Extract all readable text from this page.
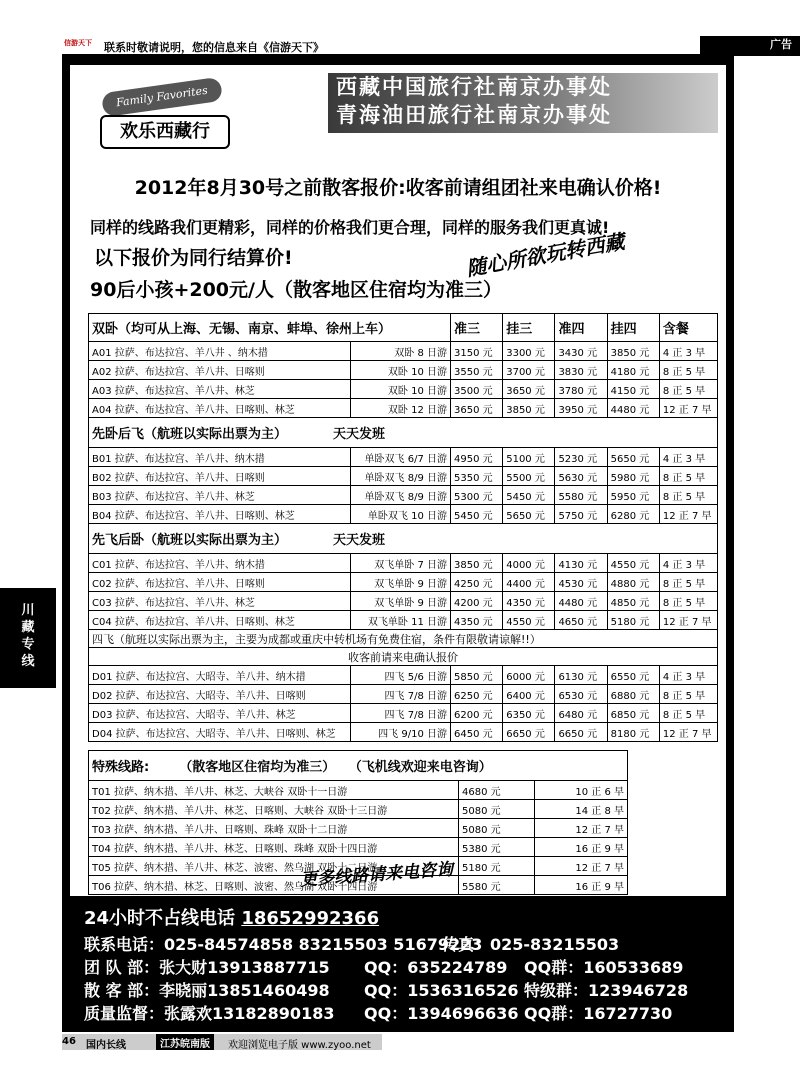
信游天下 联系时敬请说明，您的信息来自《信游天下》	广告
川藏专线
Family Favorites
欢乐西藏行
西藏中国旅行社南京办事处
青海油田旅行社南京办事处
2012年8月30号之前散客报价:收客前请组团社来电确认价格!
同样的线路我们更精彩，同样的价格我们更合理，同样的服务我们更真诚!
以下报价为同行结算价!	随心所欲玩转西藏
90后小孩+200元/人（散客地区住宿均为准三）
双卧（均可从上海、无锡、南京、蚌埠、徐州上车）		准三	挂三	准四	挂四	含餐
A01 拉萨、布达拉宫、羊八井 、纳木措	双卧 8 日游	3150 元	3300 元	3430 元	3850 元	4 正 3 早
A02 拉萨、布达拉宫、羊八井、日喀则	双卧 10 日游	3550 元	3700 元	3830 元	4180 元	8 正 5 早
A03 拉萨、布达拉宫、羊八井、林芝	双卧 10 日游	3500 元	3650 元	3780 元	4150 元	8 正 5 早
A04 拉萨、布达拉宫、羊八井、日喀则、林芝	双卧 12 日游	3650 元	3850 元	3950 元	4480 元	12 正 7 早
先卧后飞（航班以实际出票为主） 天天发班						
B01 拉萨、布达拉宫、羊八井、纳木措	单卧双飞 6/7 日游	4950 元	5100 元	5230 元	5650 元	4 正 3 早
B02 拉萨、布达拉宫、羊八井、日喀则	单卧双飞 8/9 日游	5350 元	5500 元	5630 元	5980 元	8 正 5 早
B03 拉萨、布达拉宫、羊八井、林芝	单卧双飞 8/9 日游	5300 元	5450 元	5580 元	5950 元	8 正 5 早
B04 拉萨、布达拉宫、羊八井、日喀则、林芝	单卧双飞 10 日游	5450 元	5650 元	5750 元	6280 元	12 正 7 早
先飞后卧（航班以实际出票为主） 天天发班						
C01 拉萨、布达拉宫、羊八井、纳木措	双飞单卧 7 日游	3850 元	4000 元	4130 元	4550 元	4 正 3 早
C02 拉萨、布达拉宫、羊八井、日喀则	双飞单卧 9 日游	4250 元	4400 元	4530 元	4880 元	8 正 5 早
C03 拉萨、布达拉宫、羊八井、林芝	双飞单卧 9 日游	4200 元	4350 元	4480 元	4850 元	8 正 5 早
C04 拉萨、布达拉宫、羊八井、日喀则、林芝	双飞单卧 11 日游	4350 元	4550 元	4650 元	5180 元	12 正 7 早
四飞（航班以实际出票为主，主要为成都或重庆中转机场有免费住宿，条件有限敬请谅解!!）						
收客前请来电确认报价						
D01 拉萨、布达拉宫、大昭寺、羊八井、纳木措	四飞 5/6 日游	5850 元	6000 元	6130 元	6550 元	4 正 3 早
D02 拉萨、布达拉宫、大昭寺、羊八井、日喀则	四飞 7/8 日游	6250 元	6400 元	6530 元	6880 元	8 正 5 早
D03 拉萨、布达拉宫、大昭寺、羊八井、林芝	四飞 7/8 日游	6200 元	6350 元	6480 元	6850 元	8 正 5 早
D04 拉萨、布达拉宫、大昭寺、羊八井、日喀则、林芝	四飞 9/10 日游	6450 元	6650 元	6650 元	8180 元	12 正 7 早
特殊线路: （散客地区住宿均为准三） （飞机线欢迎来电咨询）		
T01 拉萨、纳木措、羊八井、林芝、大峡谷 双卧十一日游	4680 元	10 正 6 早
T02 拉萨、纳木措、羊八井、林芝、日喀则、大峡谷 双卧十三日游	5080 元	14 正 8 早
T03 拉萨、纳木措、羊八井、日喀则、珠峰 双卧十二日游	5080 元	12 正 7 早
T04 拉萨、纳木措、羊八井、林芝、日喀则、珠峰 双卧十四日游	5380 元	16 正 9 早
T05 拉萨、纳木措、羊八井、林芝、波密、然乌湖 双卧十二日游	5180 元	12 正 7 早
T06 拉萨、纳木措、林芝、日喀则、波密、然乌湖 双卧十四日游	5580 元	16 正 9 早
更多线路请来电咨询
24小时不占线电话 18652992366
联系电话：025-84574858 83215503 51679223
传真：025-83215503
团 队 部：张大财13913887715 QQ：635224789 QQ群：160533689
散 客 部：李晓丽13851460498 QQ：1536316526 特级群：123946728
质量监督：张露欢13182890183 QQ：1394696636 QQ群：16727730
46 国内长线	江苏皖南版	欢迎浏览电子版 www.zyoo.net
